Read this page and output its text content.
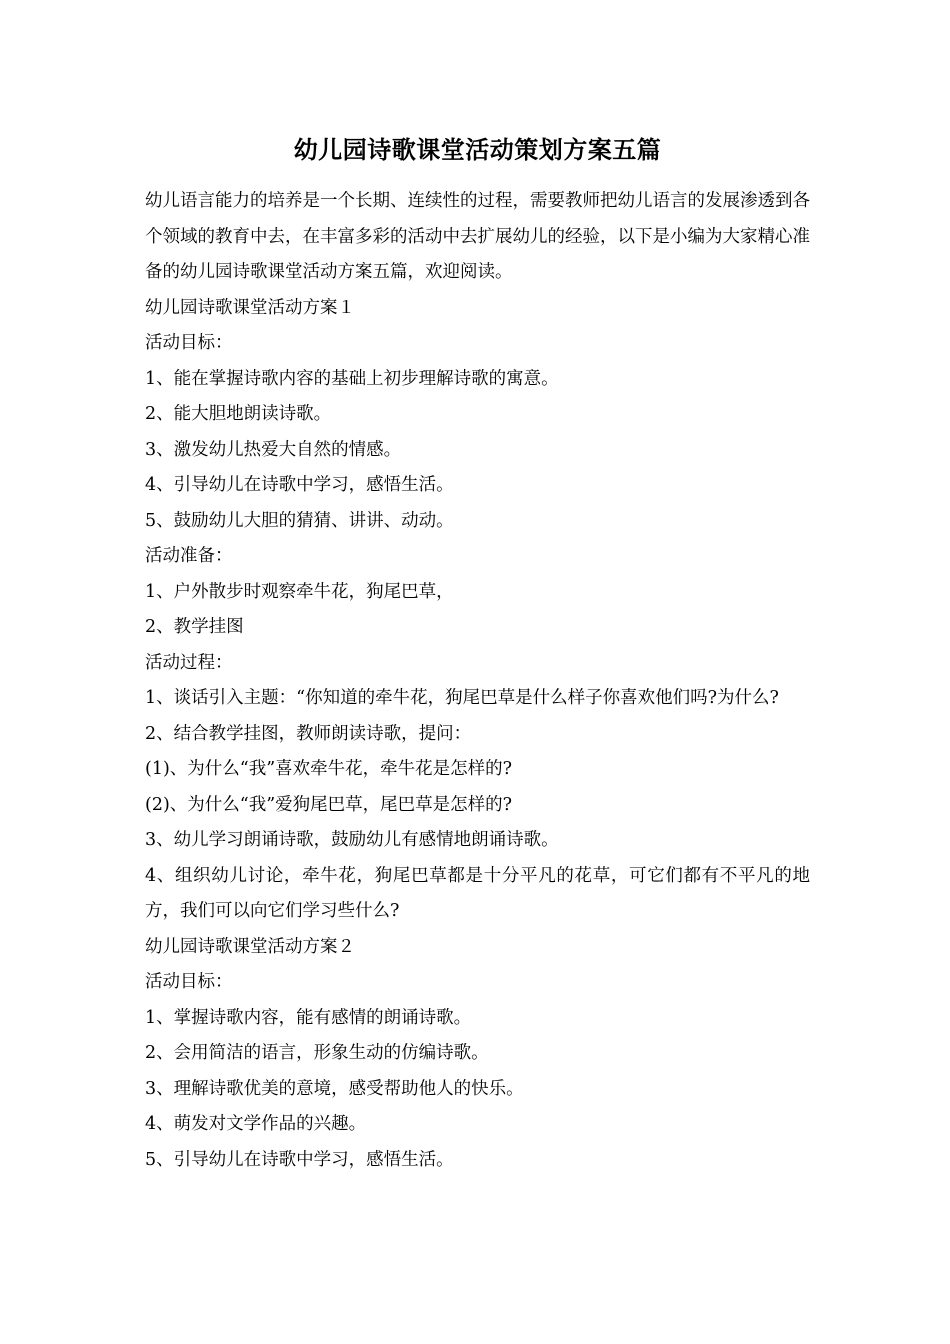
幼儿园诗歌课堂活动策划方案五篇

幼儿语言能力的培养是一个长期、连续性的过程，需要教师把幼儿语言的发展渗透到各个领域的教育中去，在丰富多彩的活动中去扩展幼儿的经验，以下是小编为大家精心准备的幼儿园诗歌课堂活动方案五篇，欢迎阅读。

幼儿园诗歌课堂活动方案１

活动目标：

1、能在掌握诗歌内容的基础上初步理解诗歌的寓意。

2、能大胆地朗读诗歌。

3、激发幼儿热爱大自然的情感。

4、引导幼儿在诗歌中学习，感悟生活。

5、鼓励幼儿大胆的猜猜、讲讲、动动。

活动准备：

1、户外散步时观察牵牛花，狗尾巴草，

2、教学挂图

活动过程：

1、谈话引入主题：“你知道的牵牛花，狗尾巴草是什么样子你喜欢他们吗?为什么?

2、结合教学挂图，教师朗读诗歌，提问：

(1)、为什么“我”喜欢牵牛花，牵牛花是怎样的?

(2)、为什么“我”爱狗尾巴草，尾巴草是怎样的?

3、幼儿学习朗诵诗歌，鼓励幼儿有感情地朗诵诗歌。

4、组织幼儿讨论，牵牛花，狗尾巴草都是十分平凡的花草，可它们都有不平凡的地方，我们可以向它们学习些什么?

幼儿园诗歌课堂活动方案２

活动目标：

1、掌握诗歌内容，能有感情的朗诵诗歌。

2、会用简洁的语言，形象生动的仿编诗歌。

3、理解诗歌优美的意境，感受帮助他人的快乐。

4、萌发对文学作品的兴趣。

5、引导幼儿在诗歌中学习，感悟生活。
